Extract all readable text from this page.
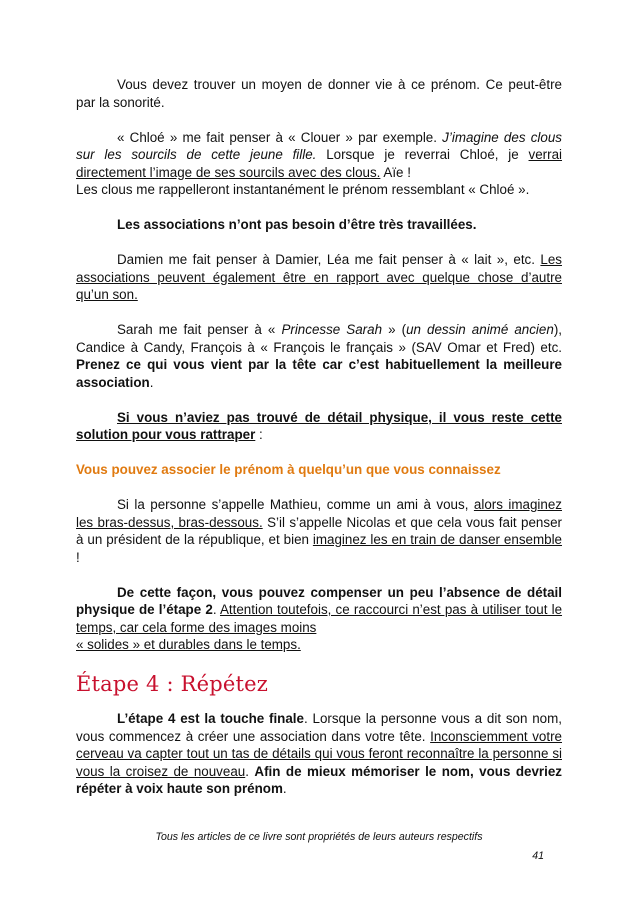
Vous devez trouver un moyen de donner vie à ce prénom. Ce peut-être par la sonorité.

« Chloé » me fait penser à « Clouer » par exemple. J’imagine des clous sur les sourcils de cette jeune fille. Lorsque je reverrai Chloé, je verrai directement l’image de ses sourcils avec des clous. Aïe !
Les clous me rappelleront instantanément le prénom ressemblant « Chloé ».

Les associations n’ont pas besoin d’être très travaillées.

Damien me fait penser à Damier, Léa me fait penser à « lait », etc. Les associations peuvent également être en rapport avec quelque chose d’autre qu’un son.

Sarah me fait penser à « Princesse Sarah » (un dessin animé ancien), Candice à Candy, François à « François le français » (SAV Omar et Fred) etc. Prenez ce qui vous vient par la tête car c’est habituellement la meilleure association.

Si vous n’aviez pas trouvé de détail physique, il vous reste cette solution pour vous rattraper :

Vous pouvez associer le prénom à quelqu’un que vous connaissez

Si la personne s’appelle Mathieu, comme un ami à vous, alors imaginez les bras-dessus, bras-dessous. S’il s’appelle Nicolas et que cela vous fait penser à un président de la république, et bien imaginez les en train de danser ensemble !

De cette façon, vous pouvez compenser un peu l’absence de détail physique de l’étape 2. Attention toutefois, ce raccourci n’est pas à utiliser tout le temps, car cela forme des images moins
« solides » et durables dans le temps.

Étape 4 : Répétez

L’étape 4 est la touche finale. Lorsque la personne vous a dit son nom, vous commencez à créer une association dans votre tête. Inconsciemment votre cerveau va capter tout un tas de détails qui vous feront reconnaître la personne si vous la croisez de nouveau. Afin de mieux mémoriser le nom, vous devriez répéter à voix haute son prénom.

Tous les articles de ce livre sont propriétés de leurs auteurs respectifs
41
